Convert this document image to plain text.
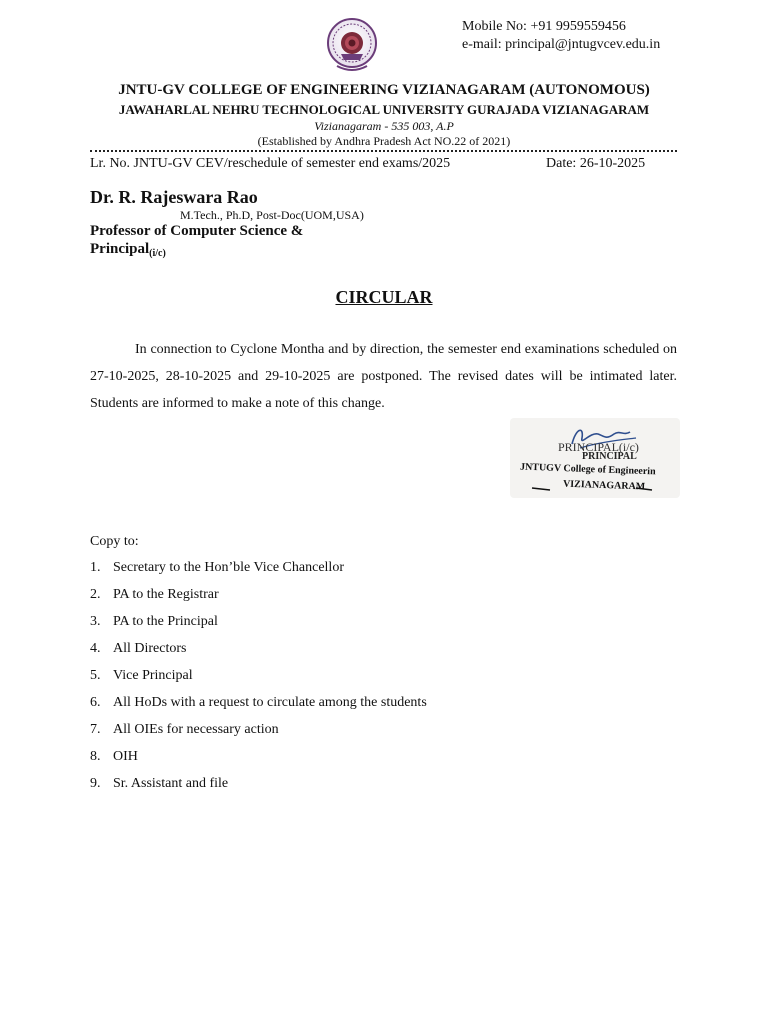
Mobile No: +91 9959559456
e-mail: principal@jntugvcev.edu.in
JNTU-GV COLLEGE OF ENGINEERING VIZIANAGARAM (AUTONOMOUS)
JAWAHARLAL NEHRU TECHNOLOGICAL UNIVERSITY GURAJADA VIZIANAGARAM
Vizianagaram - 535 003, A.P
(Established by Andhra Pradesh Act NO.22 of 2021)
Lr. No. JNTU-GV CEV/reschedule of semester end exams/2025	Date: 26-10-2025
Dr. R. Rajeswara Rao
M.Tech., Ph.D, Post-Doc(UOM,USA)
Professor of Computer Science &
Principal$_{(i/c)}$
CIRCULAR
In connection to Cyclone Montha and by direction, the semester end examinations scheduled on 27-10-2025, 28-10-2025 and 29-10-2025 are postponed. The revised dates will be intimated later. Students are informed to make a note of this change.
PRINCIPAL(i/c)
PRINCIPAL
JNTUGV College of Engineerin
VIZIANAGARAM
Copy to:
1. Secretary to the Hon’ble Vice Chancellor
2. PA to the Registrar
3. PA to the Principal
4. All Directors
5. Vice Principal
6. All HoDs with a request to circulate among the students
7. All OIEs for necessary action
8. OIH
9. Sr. Assistant and file
